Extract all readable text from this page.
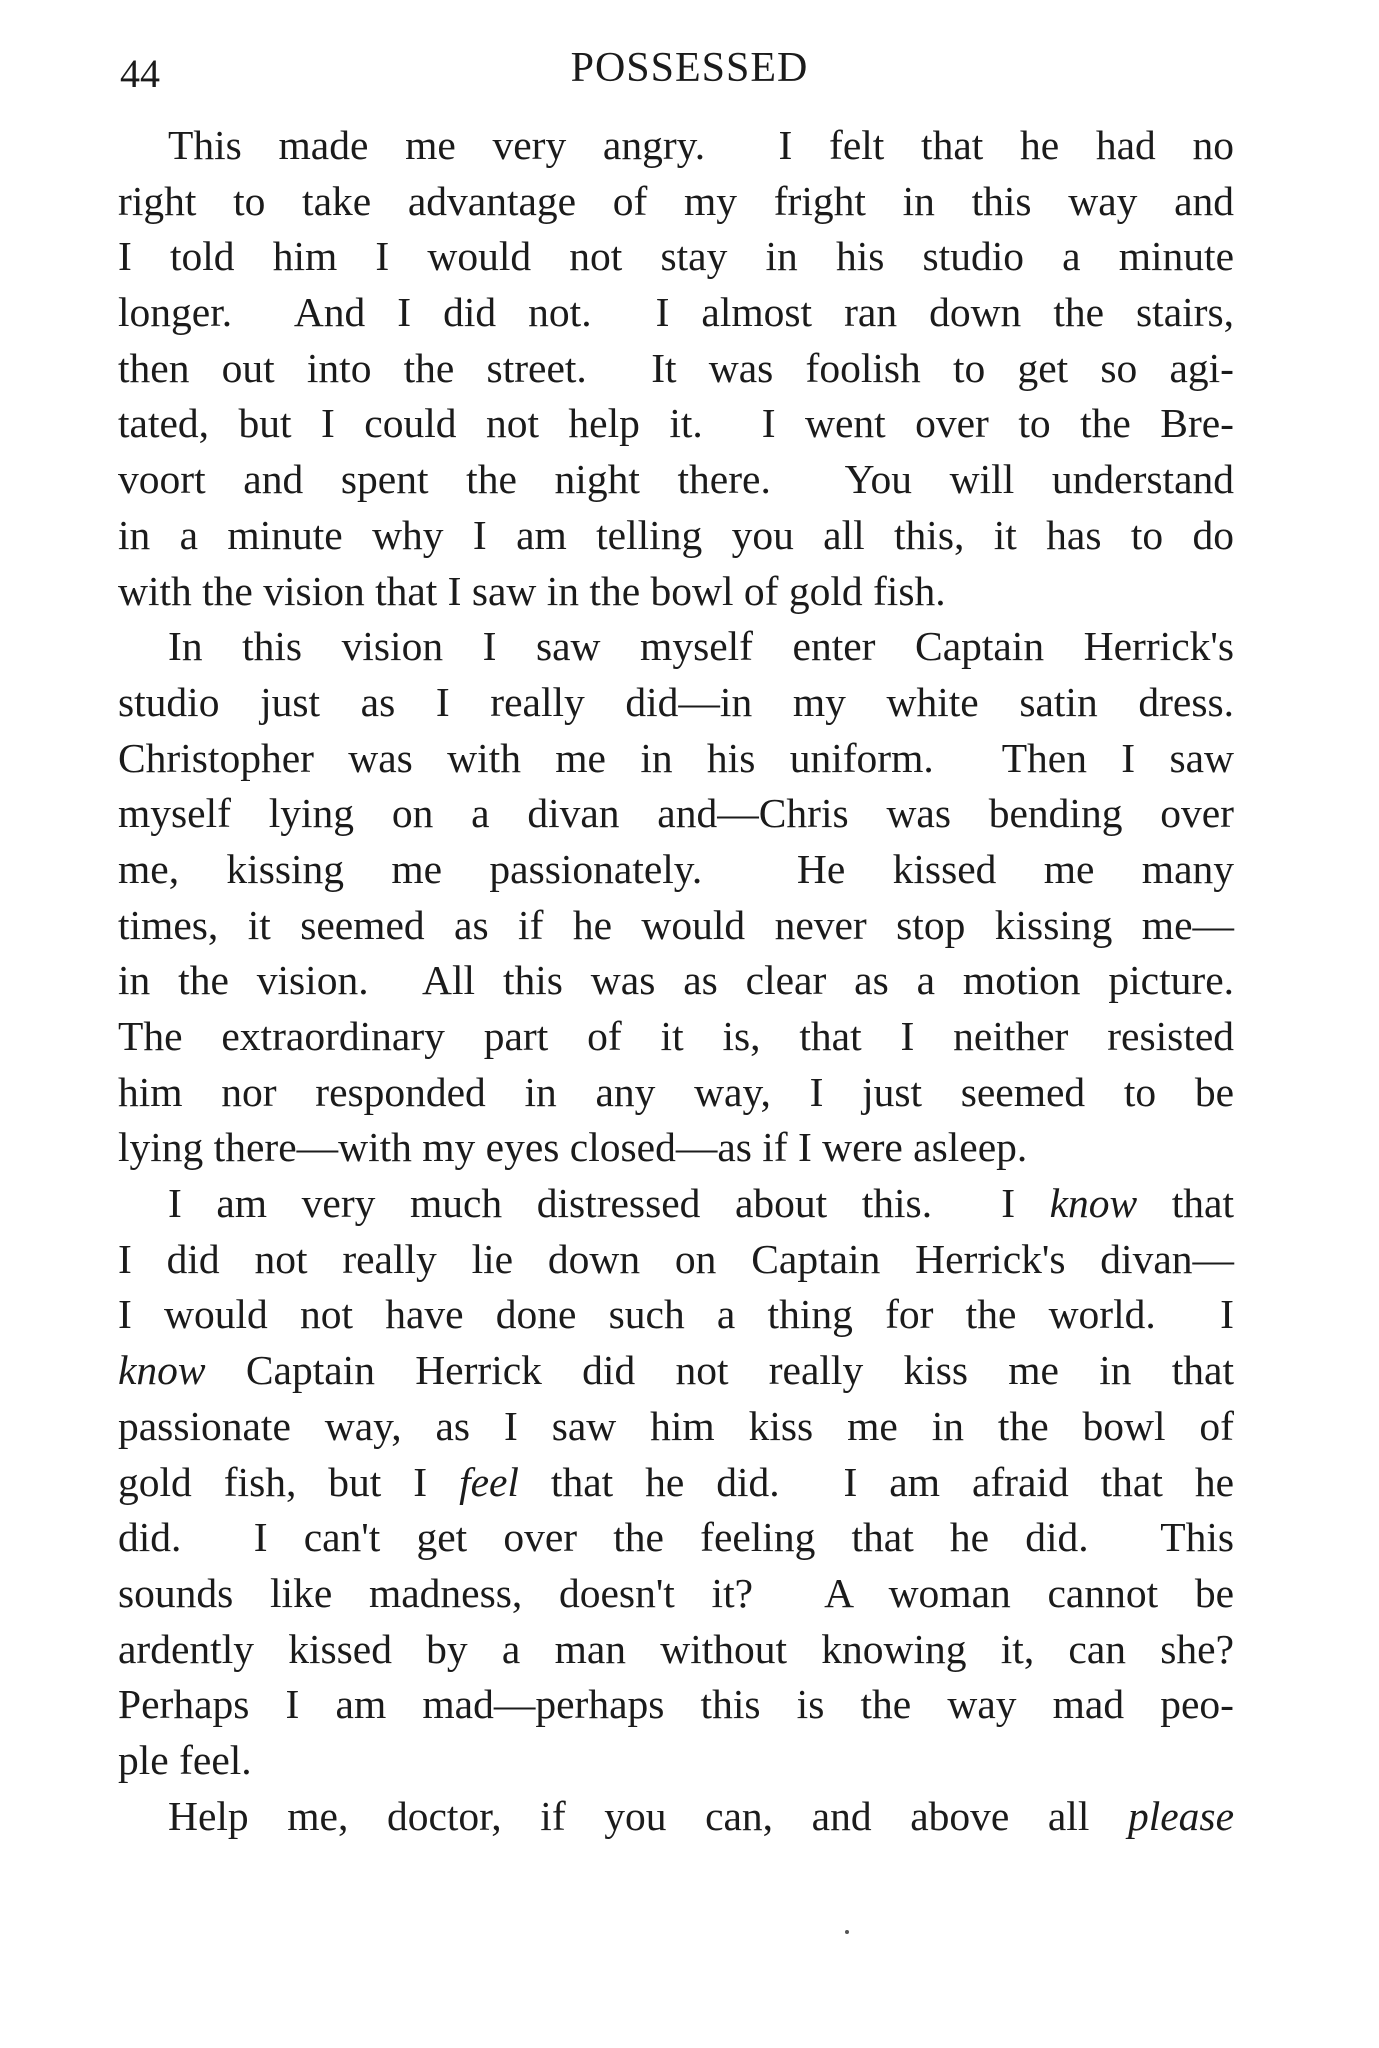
44	POSSESSED
This made me very angry.  I felt that he had no
right to take advantage of my fright in this way and
I told him I would not stay in his studio a minute
longer.  And I did not.  I almost ran down the stairs,
then out into the street.  It was foolish to get so agi-
tated, but I could not help it.  I went over to the Bre-
voort and spent the night there.  You will understand
in a minute why I am telling you all this, it has to do
with the vision that I saw in the bowl of gold fish.
In this vision I saw myself enter Captain Herrick's
studio just as I really did—in my white satin dress.
Christopher was with me in his uniform.  Then I saw
myself lying on a divan and—Chris was bending over
me, kissing me passionately.  He kissed me many
times, it seemed as if he would never stop kissing me—
in the vision.  All this was as clear as a motion picture.
The extraordinary part of it is, that I neither resisted
him nor responded in any way, I just seemed to be
lying there—with my eyes closed—as if I were asleep.
I am very much distressed about this.  I know that
I did not really lie down on Captain Herrick's divan—
I would not have done such a thing for the world.  I
know Captain Herrick did not really kiss me in that
passionate way, as I saw him kiss me in the bowl of
gold fish, but I feel that he did.  I am afraid that he
did.  I can't get over the feeling that he did.  This
sounds like madness, doesn't it?  A woman cannot be
ardently kissed by a man without knowing it, can she?
Perhaps I am mad—perhaps this is the way mad peo-
ple feel.
Help me, doctor, if you can, and above all please
